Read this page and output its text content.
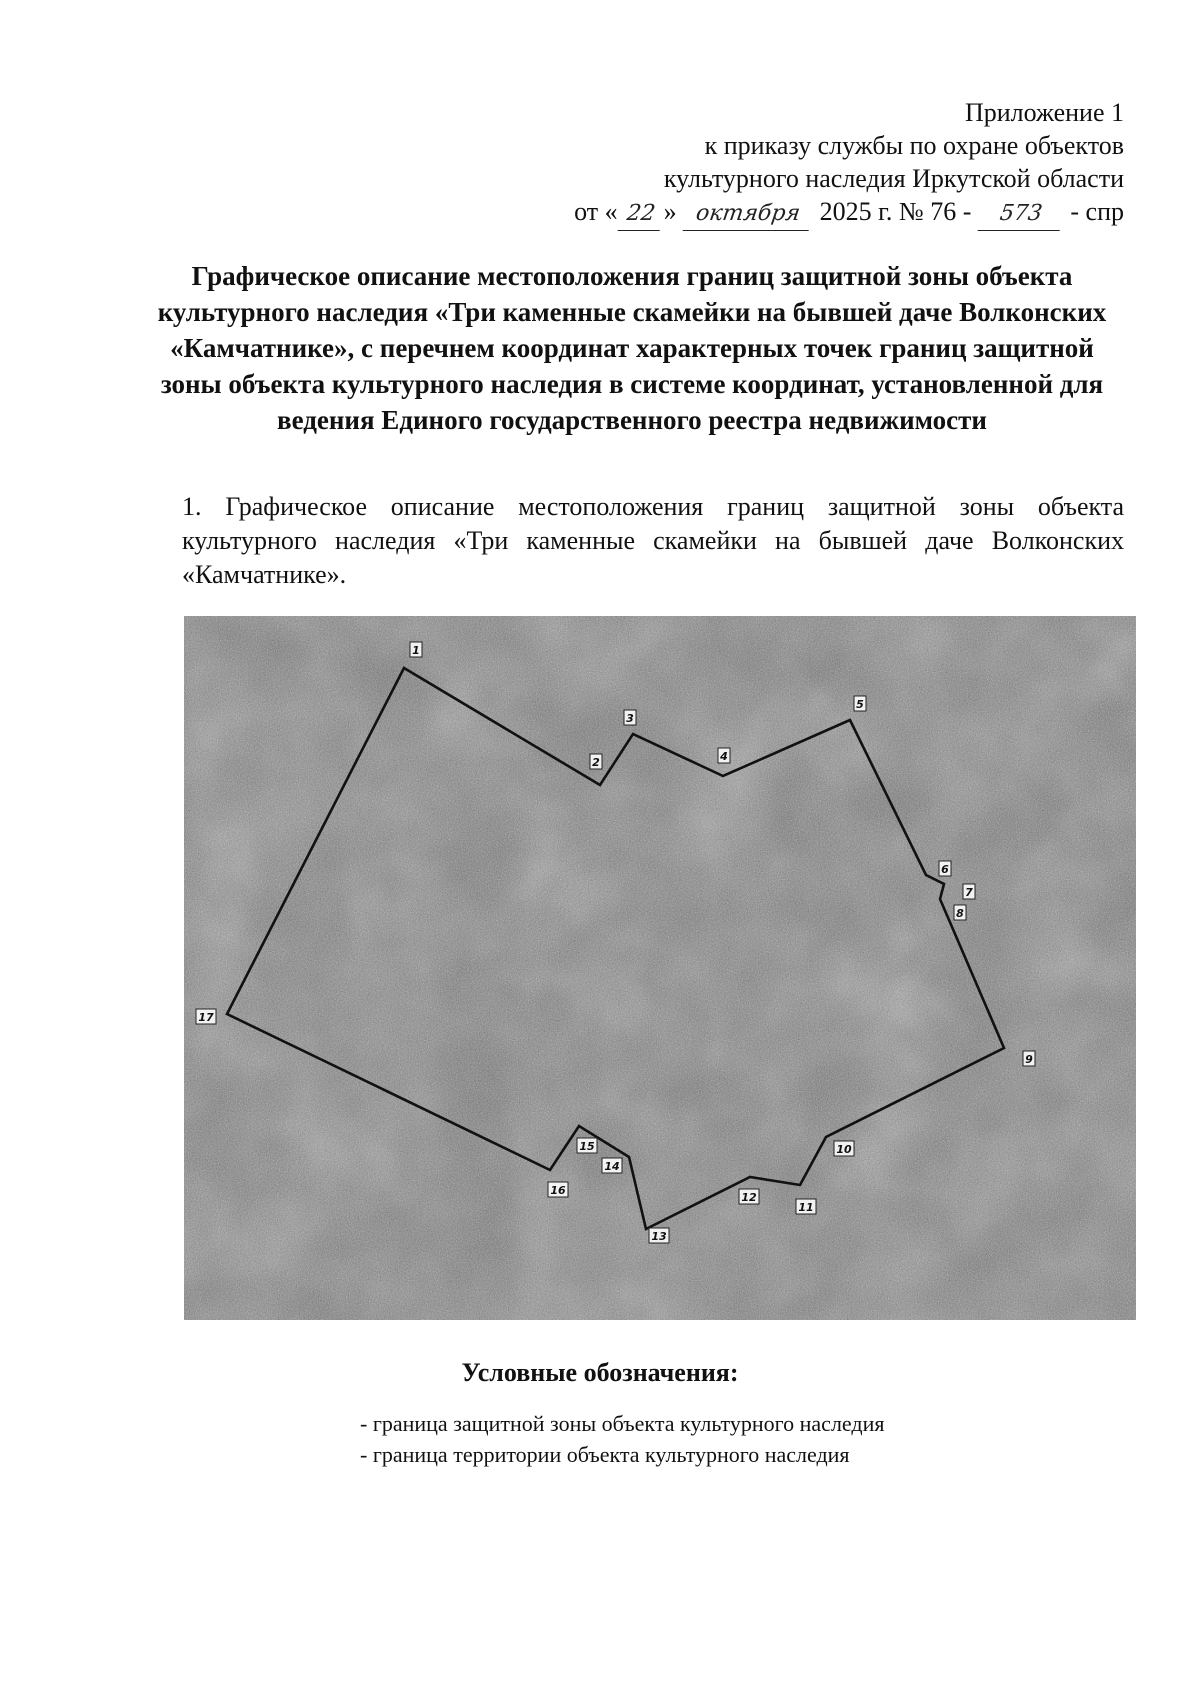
Приложение 1
к приказу службы по охране объектов
культурного наследия Иркутской области
от « 22 » октября 2025 г. № 76 - 573 - спр
Графическое описание местоположения границ защитной зоны объекта культурного наследия «Три каменные скамейки на бывшей даче Волконских «Камчатнике», с перечнем координат характерных точек границ защитной зоны объекта культурного наследия в системе координат, установленной для ведения Единого государственного реестра недвижимости
1. Графическое описание местоположения границ защитной зоны объекта
культурного наследия «Три каменные скамейки на бывшей даче Волконских
«Камчатнике».
1
2
3
4
5
6
7
8
9
10
11
12
13
14
15
16
17
Условные обозначения:
- граница защитной зоны объекта культурного наследия
- граница территории объекта культурного наследия
